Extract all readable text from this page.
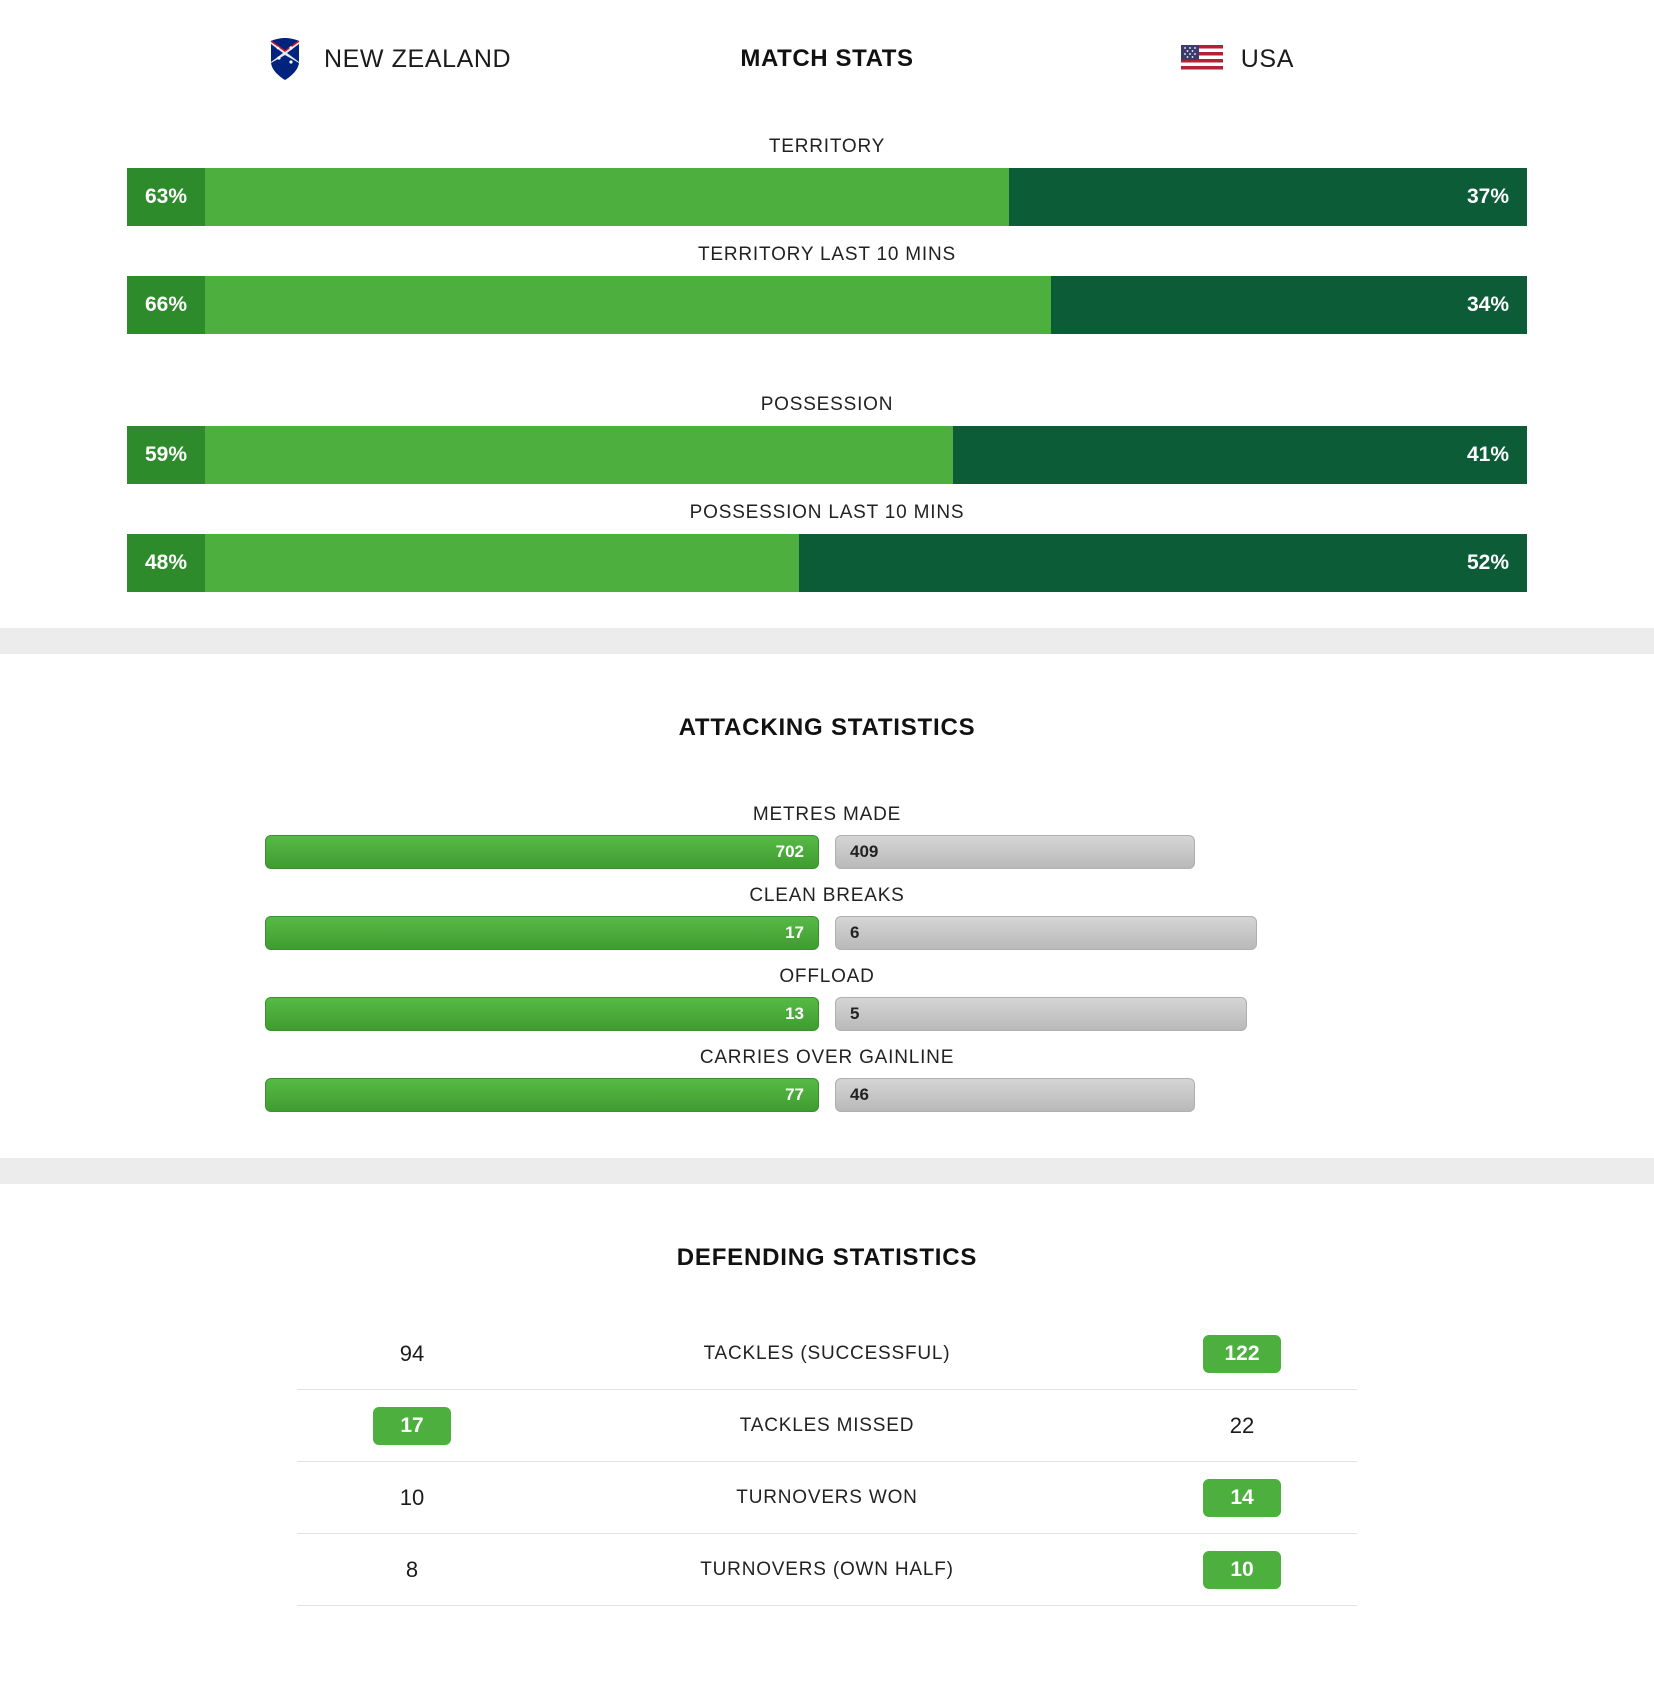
NEW ZEALAND	MATCH STATS	USA
TERRITORY
63%	37%
TERRITORY LAST 10 MINS
66%	34%
POSSESSION
59%	41%
POSSESSION LAST 10 MINS
48%	52%
ATTACKING STATISTICS
METRES MADE
702	409
CLEAN BREAKS
17	6
OFFLOAD
13	5
CARRIES OVER GAINLINE
77	46
DEFENDING STATISTICS
94	TACKLES (SUCCESSFUL)	122
17	TACKLES MISSED	22
10	TURNOVERS WON	14
8	TURNOVERS (OWN HALF)	10
